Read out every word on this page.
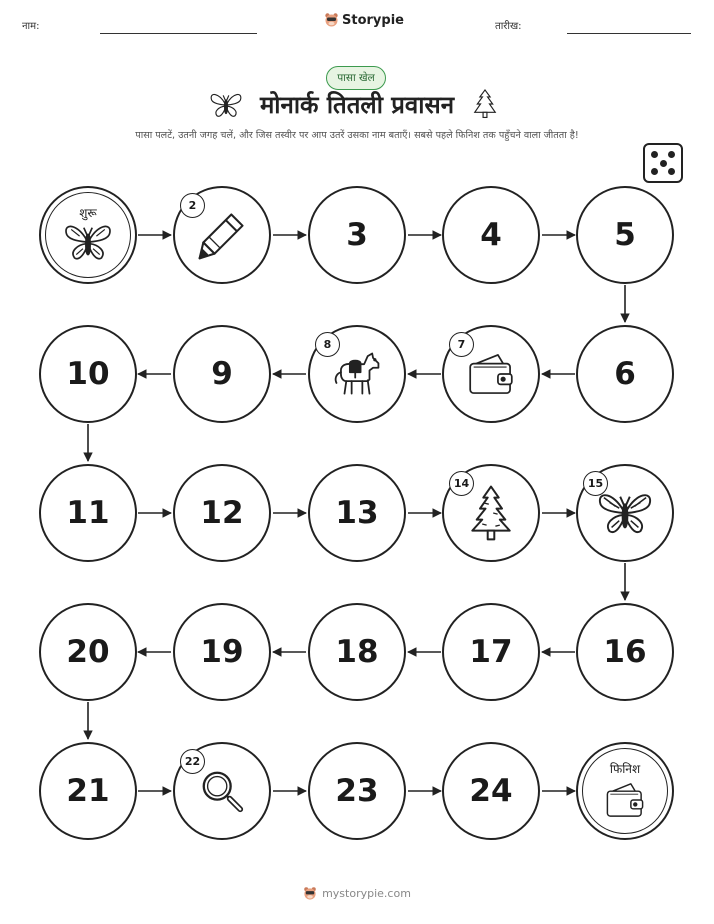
नाम:	Storypie	तारीख:
पासा खेल
मोनार्क तितली प्रवासन
पासा पलटें, उतनी जगह चलें, और जिस तस्वीर पर आप उतरें उसका नाम बताएँ। सबसे पहले फिनिश तक पहुँचने वाला जीतता है!
शुरू
2
3	4	5
6
7
8
9
10
11	12	13
14	15
16
17
18
19
20
21
22
23	24
फिनिश
mystorypie.com
